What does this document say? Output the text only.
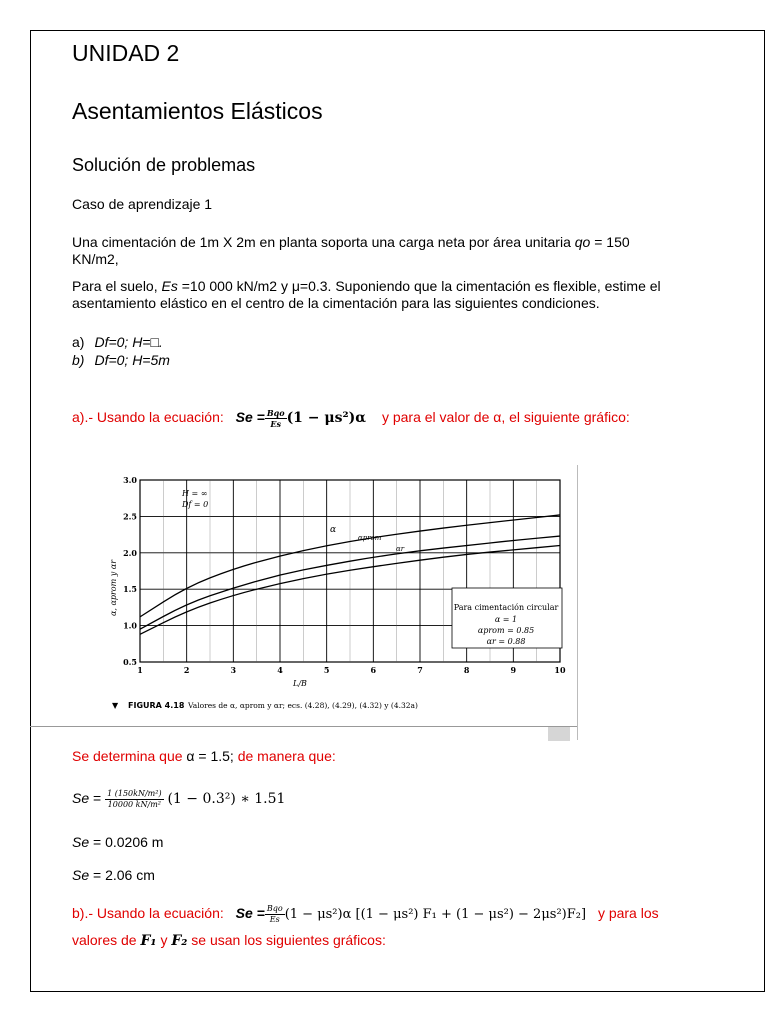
UNIDAD 2
Asentamientos Elásticos
Solución de problemas
Caso de aprendizaje 1
Una cimentación de 1m X 2m en planta soporta una carga neta por área unitaria qo = 150
KN/m2,
Para el suelo, Es =10 000 kN/m2 y μ=0.3. Suponiendo que la cimentación es flexible, estime el
asentamiento elástico en el centro de la cimentación para las siguientes condiciones.
a) Df=0; H=□.
b) Df=0; H=5m
a).- Usando la ecuación: $Se = \frac{\text{Bqo}}{Es} (1 - \mu s^2)\alpha$ y para el valor de α, el siguiente gráfico:
1	2	3	4	5	6	7	8	9	10
3.0
2.5
2.0
1.5
1.0
0.5
Para cimentación circular
α = 1
αprom = 0.85
αr = 0.88
H = ∞
Df = 0
α
αprom
αr
L/B
α, αprom y αr
▼ FIGURA 4.18 Valores de α, αprom y αr; ecs. (4.28), (4.29), (4.32) y (4.32a)
Se determina que α = 1.5; de manera que:
$Se = \frac{\text{1 (150kN/m²)}}{\text{10000 kN/m²}} (1 - 0.3^2)$ ∗ 1.51
Se = 0.0206 m
Se = 2.06 cm
b).- Usando la ecuación: $Se = \frac{\text{Bqo}}{Es} (1 - \mu s^2)\alpha$ [(1 − μs²) F₁ + (1 − μs²) − 2μs²)F₂] y para los
valores de F₁ y F₂ se usan los siguientes gráficos:
